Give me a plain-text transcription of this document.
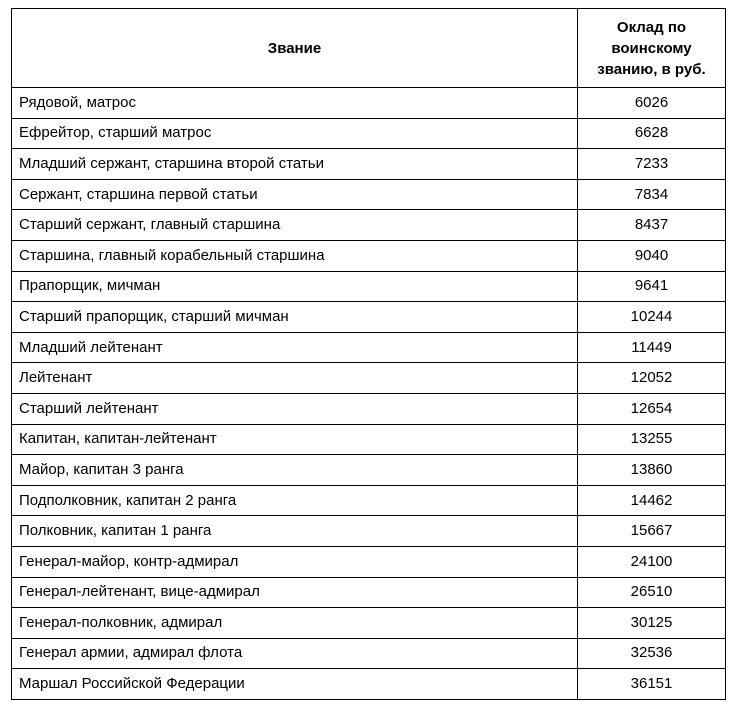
Звание	Оклад по воинскому званию, в руб.
Рядовой, матрос	6026
Ефрейтор, старший матрос	6628
Младший сержант, старшина второй статьи	7233
Сержант, старшина первой статьи	7834
Старший сержант, главный старшина	8437
Старшина, главный корабельный старшина	9040
Прапорщик, мичман	9641
Старший прапорщик, старший мичман	10244
Младший лейтенант	11449
Лейтенант	12052
Старший лейтенант	12654
Капитан, капитан-лейтенант	13255
Майор, капитан 3 ранга	13860
Подполковник, капитан 2 ранга	14462
Полковник, капитан 1 ранга	15667
Генерал-майор, контр-адмирал	24100
Генерал-лейтенант, вице-адмирал	26510
Генерал-полковник, адмирал	30125
Генерал армии, адмирал флота	32536
Маршал Российской Федерации	36151
